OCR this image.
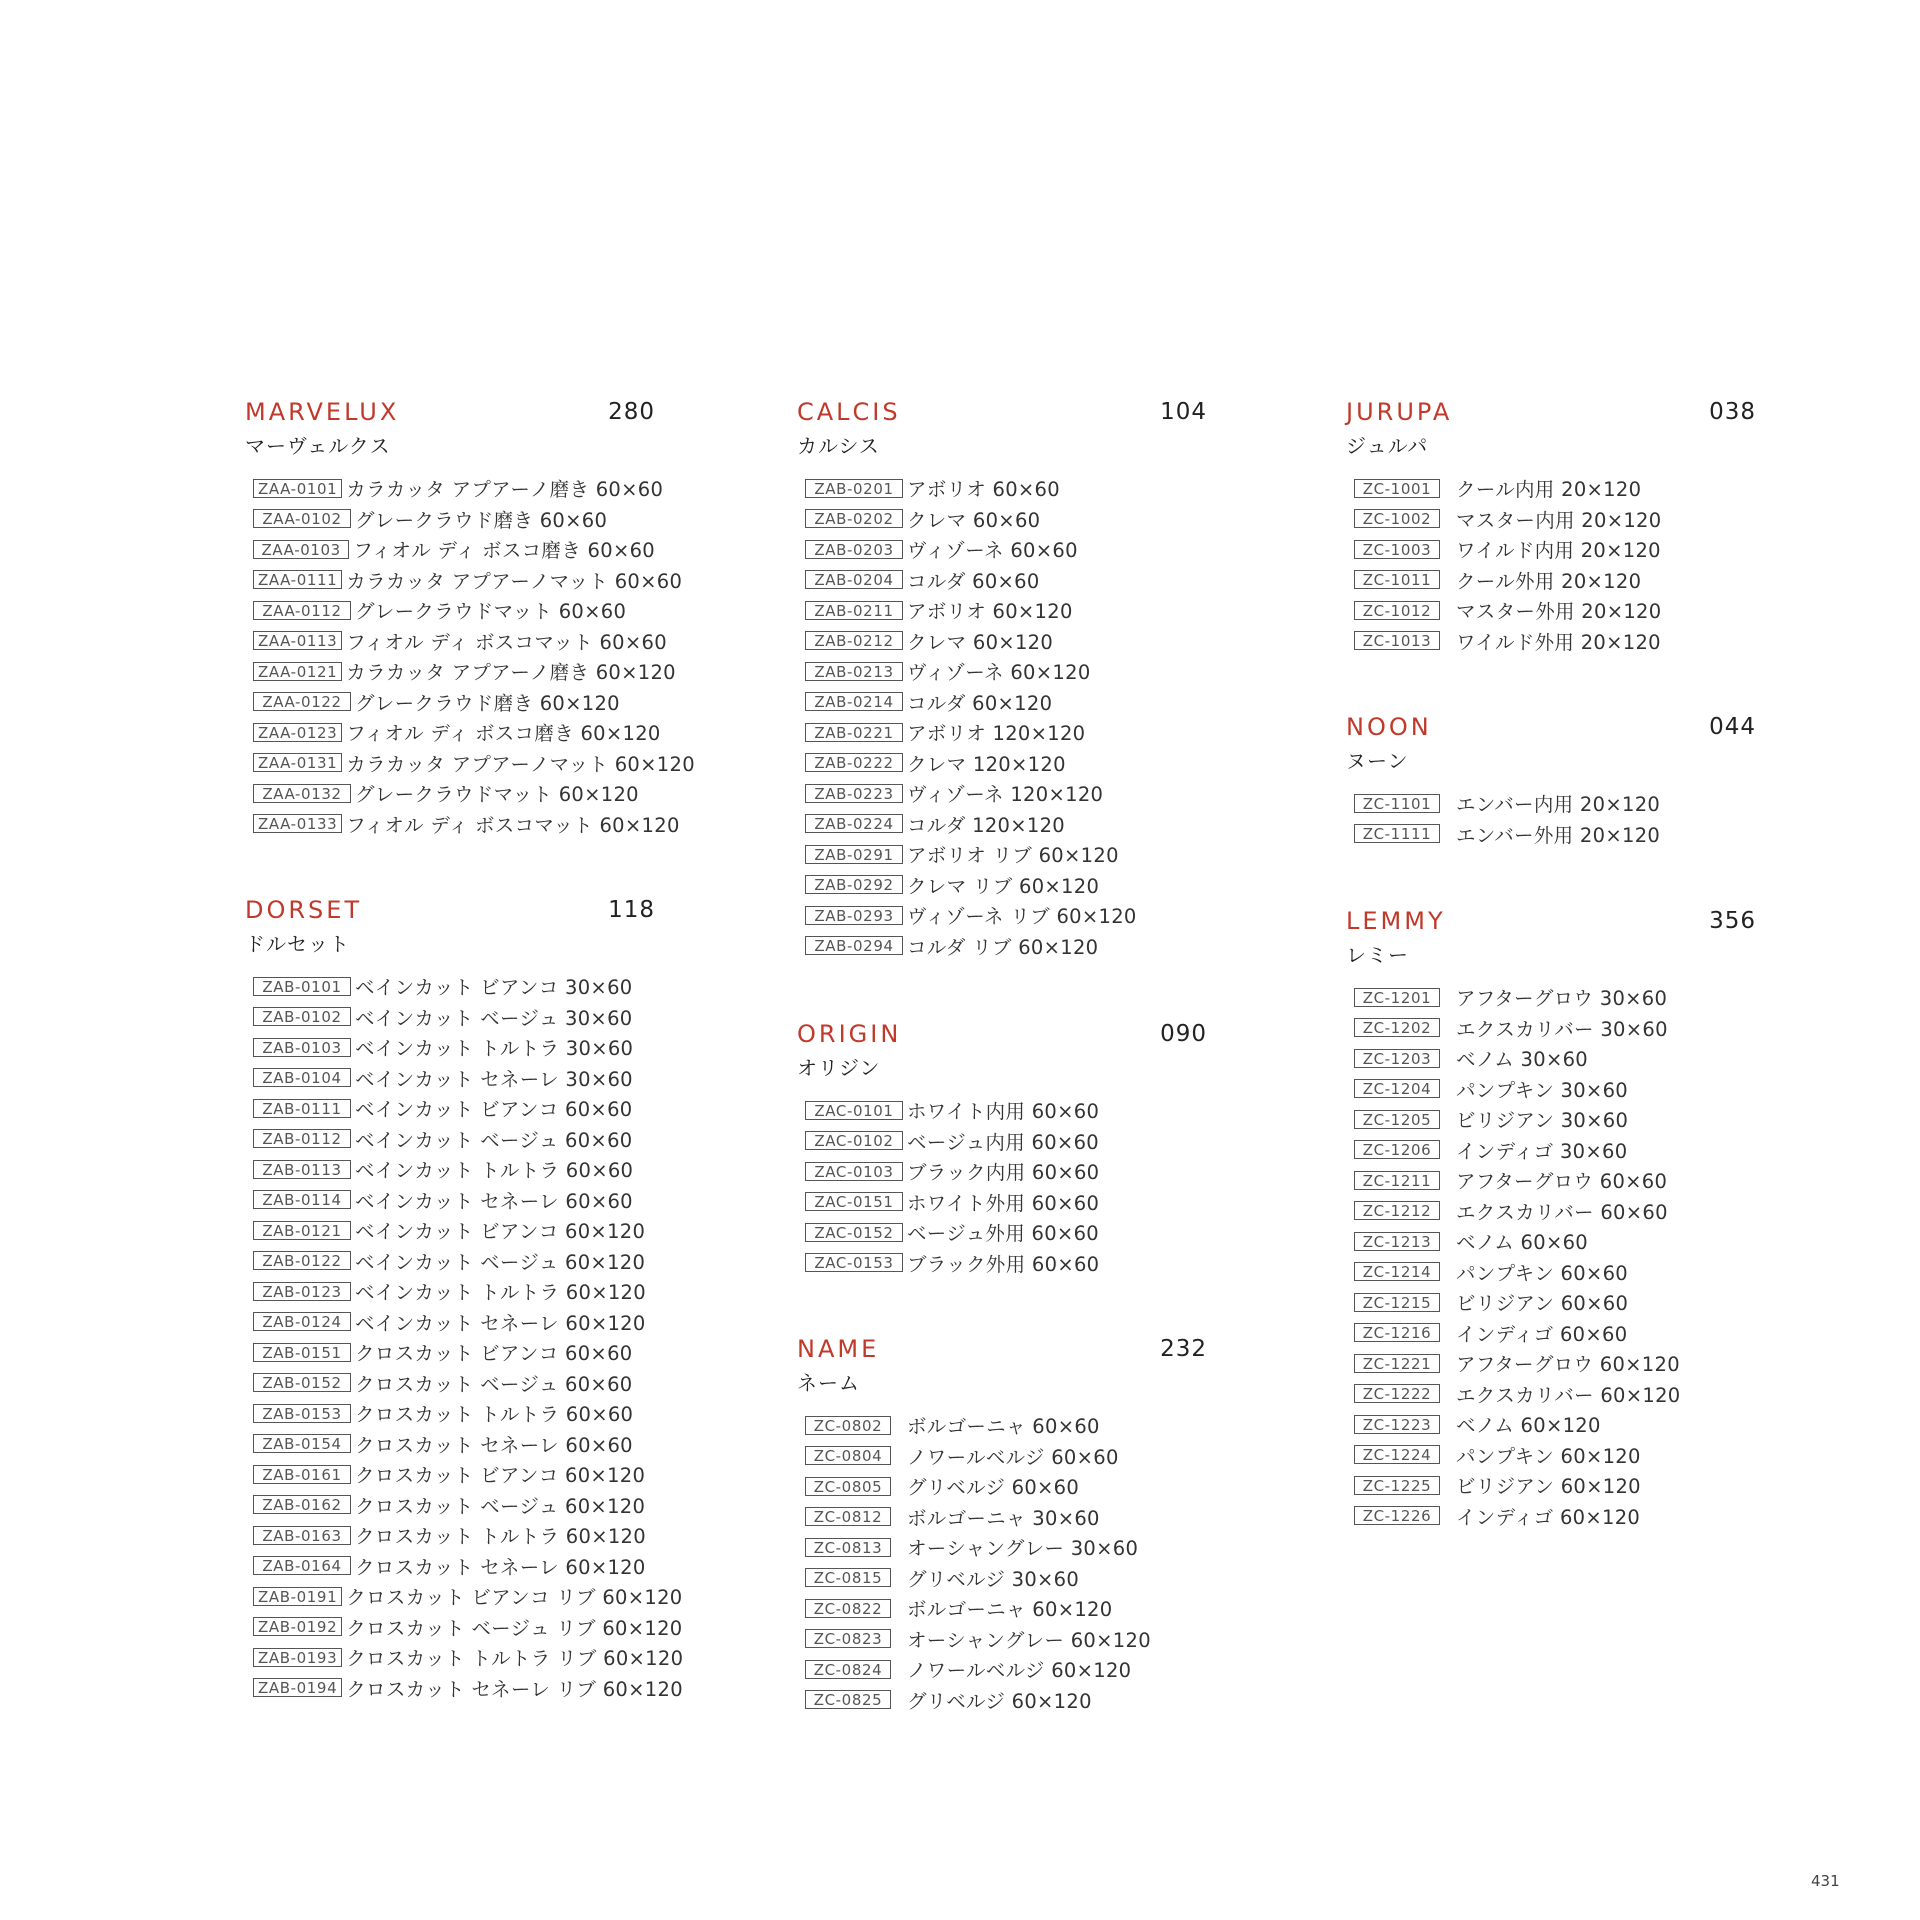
MARVELUX	280
マーヴェルクス
ZAA-0101 カラカッタ アプアーノ磨き 60×60
ZAA-0102 グレークラウド磨き 60×60
ZAA-0103 フィオル ディ ボスコ磨き 60×60
ZAA-0111 カラカッタ アプアーノマット 60×60
ZAA-0112 グレークラウドマット 60×60
ZAA-0113 フィオル ディ ボスコマット 60×60
ZAA-0121 カラカッタ アプアーノ磨き 60×120
ZAA-0122 グレークラウド磨き 60×120
ZAA-0123 フィオル ディ ボスコ磨き 60×120
ZAA-0131 カラカッタ アプアーノマット 60×120
ZAA-0132 グレークラウドマット 60×120
ZAA-0133 フィオル ディ ボスコマット 60×120
DORSET	118
ドルセット
ZAB-0101 ベインカット ビアンコ 30×60
ZAB-0102 ベインカット ベージュ 30×60
ZAB-0103 ベインカット トルトラ 30×60
ZAB-0104 ベインカット セネーレ 30×60
ZAB-0111 ベインカット ビアンコ 60×60
ZAB-0112 ベインカット ベージュ 60×60
ZAB-0113 ベインカット トルトラ 60×60
ZAB-0114 ベインカット セネーレ 60×60
ZAB-0121 ベインカット ビアンコ 60×120
ZAB-0122 ベインカット ベージュ 60×120
ZAB-0123 ベインカット トルトラ 60×120
ZAB-0124 ベインカット セネーレ 60×120
ZAB-0151 クロスカット ビアンコ 60×60
ZAB-0152 クロスカット ベージュ 60×60
ZAB-0153 クロスカット トルトラ 60×60
ZAB-0154 クロスカット セネーレ 60×60
ZAB-0161 クロスカット ビアンコ 60×120
ZAB-0162 クロスカット ベージュ 60×120
ZAB-0163 クロスカット トルトラ 60×120
ZAB-0164 クロスカット セネーレ 60×120
ZAB-0191 クロスカット ビアンコ リブ 60×120
ZAB-0192 クロスカット ベージュ リブ 60×120
ZAB-0193 クロスカット トルトラ リブ 60×120
ZAB-0194 クロスカット セネーレ リブ 60×120
CALCIS	104
カルシス
ZAB-0201 アボリオ 60×60
ZAB-0202 クレマ 60×60
ZAB-0203 ヴィゾーネ 60×60
ZAB-0204 コルダ 60×60
ZAB-0211 アボリオ 60×120
ZAB-0212 クレマ 60×120
ZAB-0213 ヴィゾーネ 60×120
ZAB-0214 コルダ 60×120
ZAB-0221 アボリオ 120×120
ZAB-0222 クレマ 120×120
ZAB-0223 ヴィゾーネ 120×120
ZAB-0224 コルダ 120×120
ZAB-0291 アボリオ リブ 60×120
ZAB-0292 クレマ リブ 60×120
ZAB-0293 ヴィゾーネ リブ 60×120
ZAB-0294 コルダ リブ 60×120
ORIGIN	090
オリジン
ZAC-0101 ホワイト内用 60×60
ZAC-0102 ベージュ内用 60×60
ZAC-0103 ブラック内用 60×60
ZAC-0151 ホワイト外用 60×60
ZAC-0152 ベージュ外用 60×60
ZAC-0153 ブラック外用 60×60
NAME	232
ネーム
ZC-0802	ボルゴーニャ 60×60
ZC-0804	ノワールベルジ 60×60
ZC-0805	グリベルジ 60×60
ZC-0812	ボルゴーニャ 30×60
ZC-0813	オーシャングレー 30×60
ZC-0815	グリベルジ 30×60
ZC-0822	ボルゴーニャ 60×120
ZC-0823	オーシャングレー 60×120
ZC-0824	ノワールベルジ 60×120
ZC-0825	グリベルジ 60×120
JURUPA	038
ジュルパ
ZC-1001	クール内用 20×120
ZC-1002	マスター内用 20×120
ZC-1003	ワイルド内用 20×120
ZC-1011	クール外用 20×120
ZC-1012	マスター外用 20×120
ZC-1013	ワイルド外用 20×120
NOON	044
ヌーン
ZC-1101	エンバー内用 20×120
ZC-1111	エンバー外用 20×120
LEMMY	356
レミー
ZC-1201	アフターグロウ 30×60
ZC-1202	エクスカリバー 30×60
ZC-1203	ベノム 30×60
ZC-1204	パンプキン 30×60
ZC-1205	ビリジアン 30×60
ZC-1206	インディゴ 30×60
ZC-1211	アフターグロウ 60×60
ZC-1212	エクスカリバー 60×60
ZC-1213	ベノム 60×60
ZC-1214	パンプキン 60×60
ZC-1215	ビリジアン 60×60
ZC-1216	インディゴ 60×60
ZC-1221	アフターグロウ 60×120
ZC-1222	エクスカリバー 60×120
ZC-1223	ベノム 60×120
ZC-1224	パンプキン 60×120
ZC-1225	ビリジアン 60×120
ZC-1226	インディゴ 60×120
431
